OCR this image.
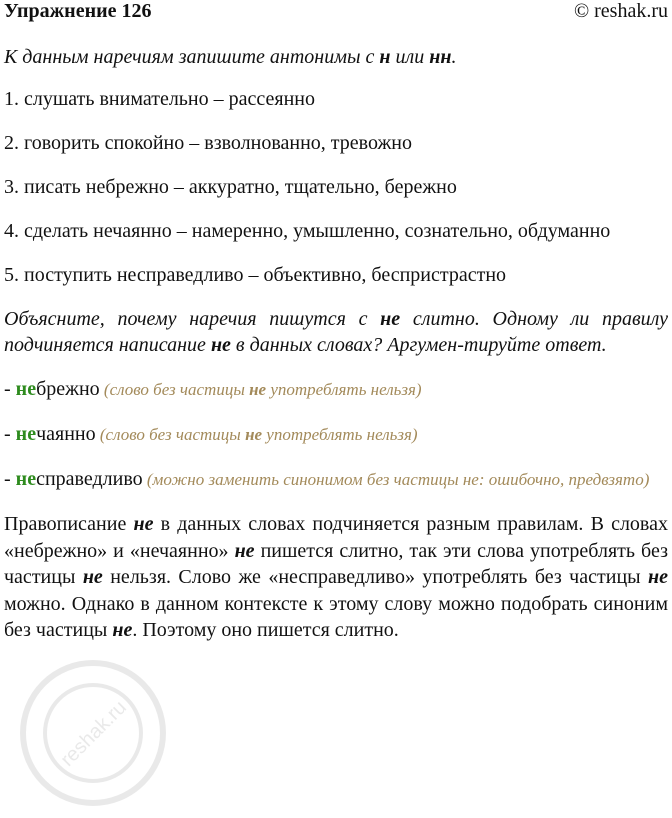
Упражнение 126	© reshak.ru

К данным наречиям запишите антонимы с н или нн.

1. слушать внимательно – рассеянно

2. говорить спокойно – взволнованно, тревожно

3. писать небрежно – аккуратно, тщательно, бережно

4. сделать нечаянно – намеренно, умышленно, сознательно, обдуманно

5. поступить несправедливо – объективно, беспристрастно

Объясните, почему наречия пишутся с не слитно. Одному ли правилу подчиняется написание не в данных словах? Аргумен-тируйте ответ.

- небрежно (слово без частицы не употреблять нельзя)

- нечаянно (слово без частицы не употреблять нельзя)

- несправедливо (можно заменить синонимом без частицы не: ошибочно, предвзято)

Правописание не в данных словах подчиняется разным правилам. В словах «небрежно» и «нечаянно» не пишется слитно, так эти слова употреблять без частицы не нельзя. Слово же «несправедливо» употреблять без частицы не можно. Однако в данном контексте к этому слову можно подобрать синоним без частицы не. Поэтому оно пишется слитно.

reshak.ru
